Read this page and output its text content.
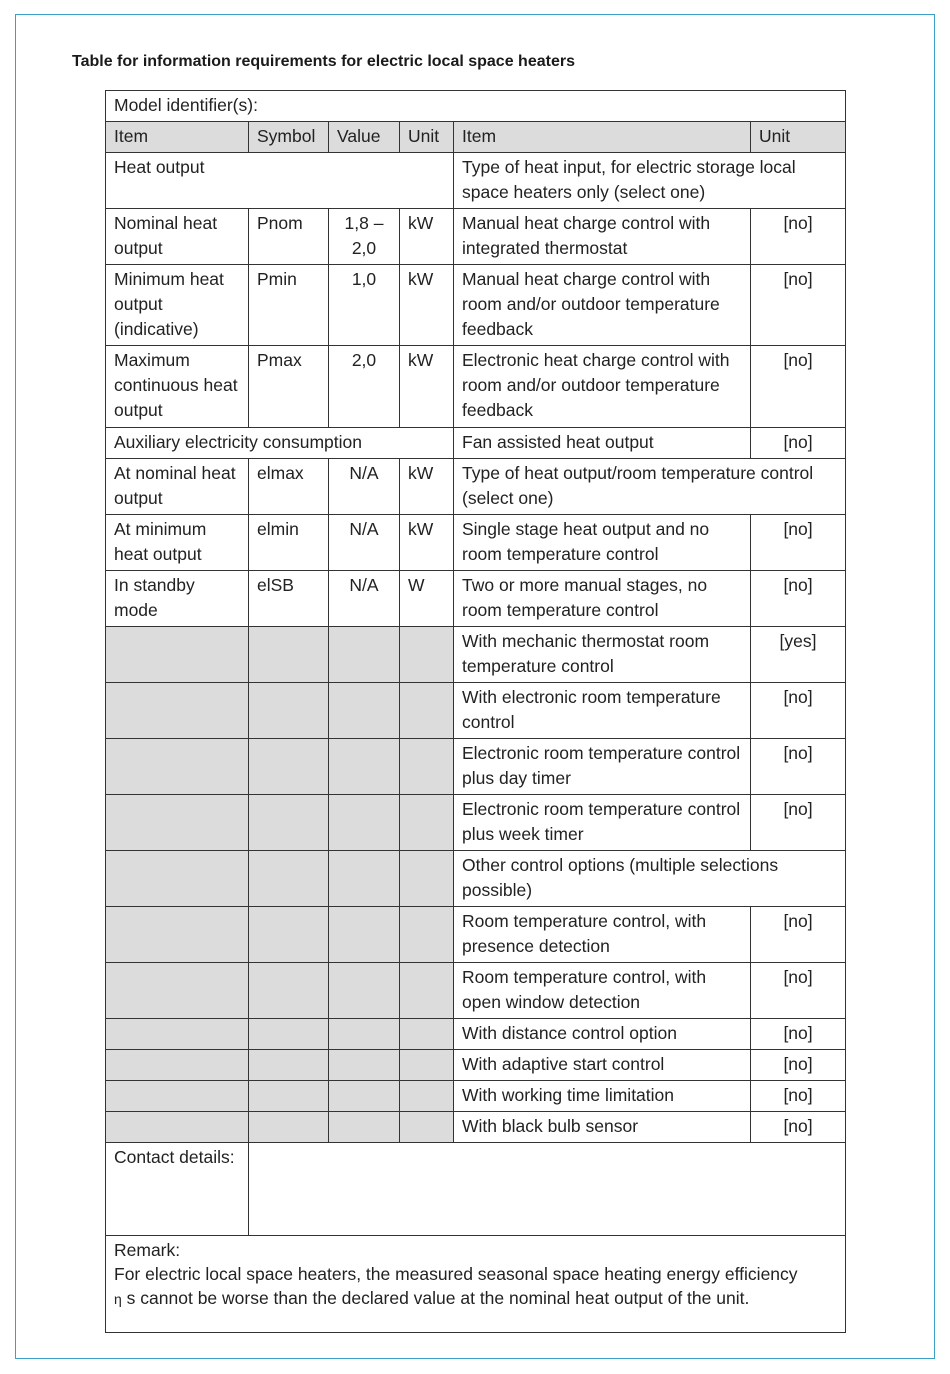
Table for information requirements for electric local space heaters
Model identifier(s):					
Item	Symbol	Value	Unit	Item	Unit
Heat output				Type of heat input, for electric storage local space heaters only (select one)	
Nominal heat output	Pnom	1,8 – 2,0	kW	Manual heat charge control with integrated thermostat	[no]
Minimum heat output (indicative)	Pmin	1,0	kW	Manual heat charge control with room and/or outdoor temperature feedback	[no]
Maximum continuous heat output	Pmax	2,0	kW	Electronic heat charge control with room and/or outdoor temperature feedback	[no]
Auxiliary electricity consumption				Fan assisted heat output	[no]
At nominal heat output	elmax	N/A	kW	Type of heat output/room temperature control (select one)	
At minimum heat output	elmin	N/A	kW	Single stage heat output and no room temperature control	[no]
In standby mode	elSB	N/A	W	Two or more manual stages, no room temperature control	[no]
				With mechanic thermostat room temperature control	[yes]
				With electronic room temperature control	[no]
				Electronic room temperature control plus day timer	[no]
				Electronic room temperature control plus week timer	[no]
				Other control options (multiple selections possible)	
				Room temperature control, with presence detection	[no]
				Room temperature control, with open window detection	[no]
				With distance control option	[no]
				With adaptive start control	[no]
				With working time limitation	[no]
				With black bulb sensor	[no]
Contact details:					

Remark:
For electric local space heaters, the measured seasonal space heating energy efficiency
η s cannot be worse than the declared value at the nominal heat output of the unit.					
